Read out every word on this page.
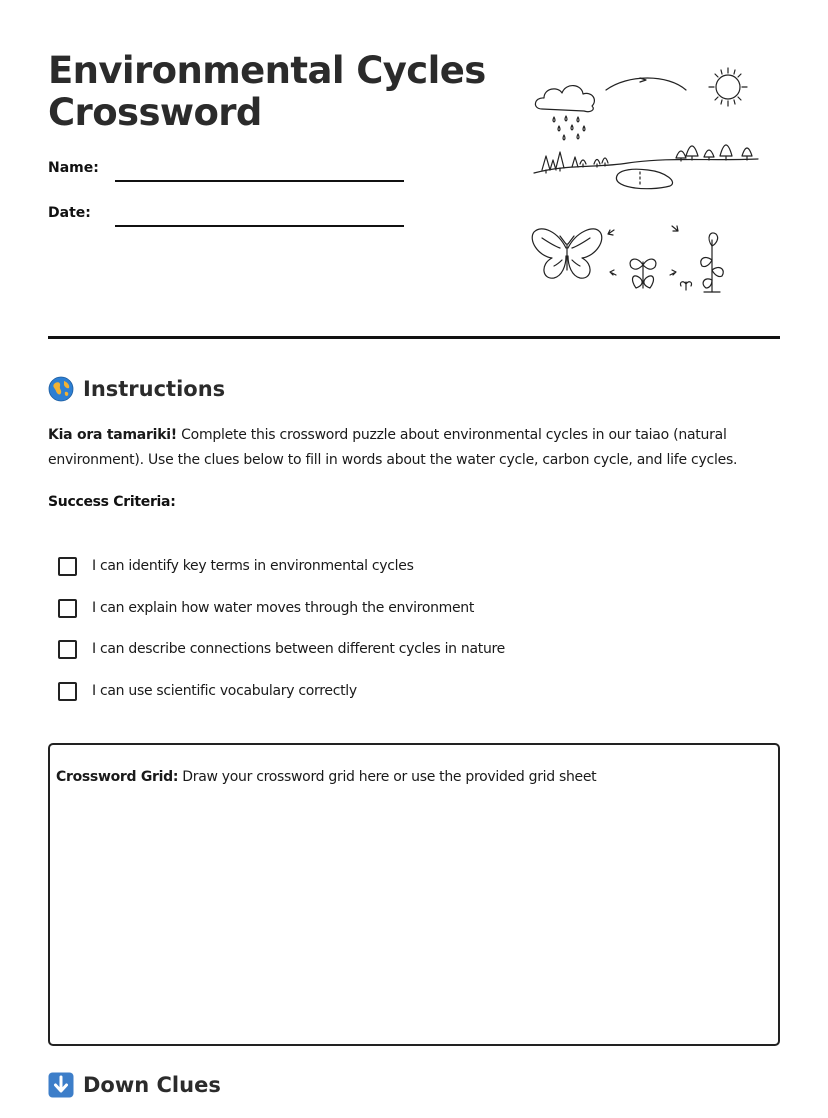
Environmental Cycles Crossword
Name:
Date:
Instructions

Kia ora tamariki! Complete this crossword puzzle about environmental cycles in our taiao (natural environment). Use the clues below to fill in words about the water cycle, carbon cycle, and life cycles.

Success Criteria:
I can identify key terms in environmental cycles
I can explain how water moves through the environment
I can describe connections between different cycles in nature
I can use scientific vocabulary correctly
Crossword Grid: Draw your crossword grid here or use the provided grid sheet
Down Clues
